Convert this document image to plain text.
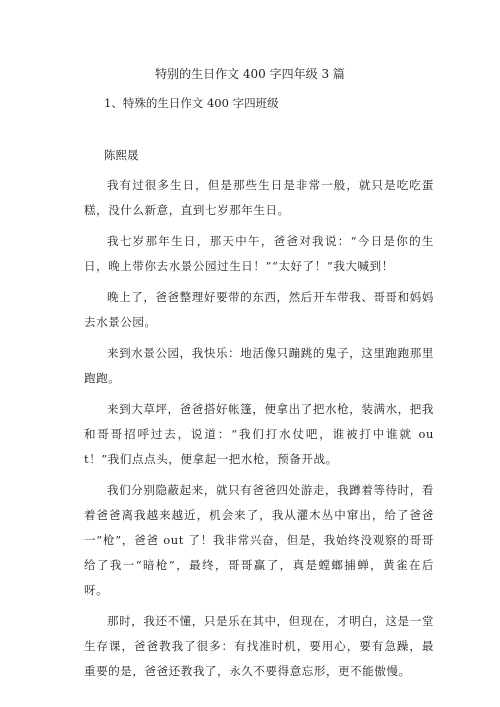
特别的生日作文 400 字四年级 3 篇
1、特殊的生日作文 400 字四班级
陈熙晟

我有过很多生日，但是那些生日是非常一般，就只是吃吃蛋糕，没什么新意，直到七岁那年生日。

我七岁那年生日，那天中午，爸爸对我说：“今日是你的生日，晚上带你去水景公园过生日！”“太好了！”我大喊到！

晚上了，爸爸整理好要带的东西，然后开车带我、哥哥和妈妈去水景公园。

来到水景公园，我快乐：地活像只蹦跳的鬼子，这里跑跑那里跑跑。

来到大草坪，爸爸搭好帐篷，便拿出了把水枪，装满水，把我和哥哥招呼过去，说道：“我们打水仗吧，谁被打中谁就 out！”我们点点头，便拿起一把水枪，预备开战。

我们分别隐蔽起来，就只有爸爸四处游走，我蹲着等待时，看着爸爸离我越来越近，机会来了，我从灌木丛中窜出，给了爸爸一“枪”，爸爸 out 了！我非常兴奋，但是，我始终没观察的哥哥给了我一“暗枪”，最终，哥哥赢了，真是螳螂捕蝉，黄雀在后呀。

那时，我还不懂，只是乐在其中，但现在，才明白，这是一堂生存课，爸爸教我了很多：有找准时机，要用心，要有急躁，最重要的是，爸爸还教我了，永久不要得意忘形，更不能傲慢。
